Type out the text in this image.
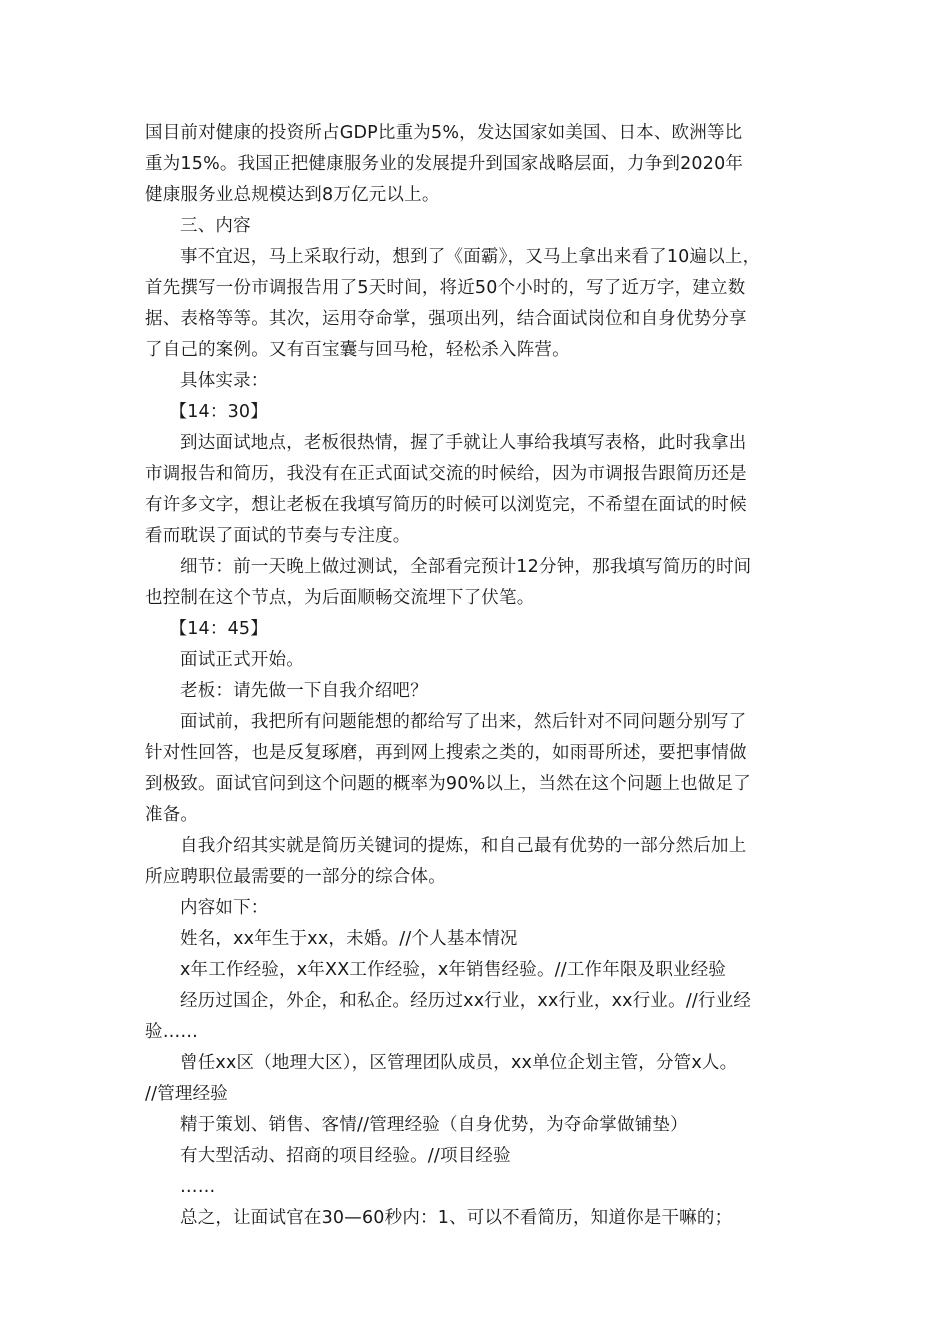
国目前对健康的投资所占GDP比重为5%，发达国家如美国、日本、欧洲等比
重为15%。我国正把健康服务业的发展提升到国家战略层面，力争到2020年
健康服务业总规模达到8万亿元以上。
三、内容
事不宜迟，马上采取行动，想到了《面霸》，又马上拿出来看了10遍以上，
首先撰写一份市调报告用了5天时间，将近50个小时的，写了近万字，建立数
据、表格等等。其次，运用夺命掌，强项出列，结合面试岗位和自身优势分享
了自己的案例。又有百宝囊与回马枪，轻松杀入阵营。
具体实录：
【14：30】
到达面试地点，老板很热情，握了手就让人事给我填写表格，此时我拿出
市调报告和简历，我没有在正式面试交流的时候给，因为市调报告跟简历还是
有许多文字，想让老板在我填写简历的时候可以浏览完，不希望在面试的时候
看而耽误了面试的节奏与专注度。
细节：前一天晚上做过测试，全部看完预计12分钟，那我填写简历的时间
也控制在这个节点，为后面顺畅交流埋下了伏笔。
【14：45】
面试正式开始。
老板：请先做一下自我介绍吧？
面试前，我把所有问题能想的都给写了出来，然后针对不同问题分别写了
针对性回答，也是反复琢磨，再到网上搜索之类的，如雨哥所述，要把事情做
到极致。面试官问到这个问题的概率为90%以上，当然在这个问题上也做足了
准备。
自我介绍其实就是简历关键词的提炼，和自己最有优势的一部分然后加上
所应聘职位最需要的一部分的综合体。
内容如下：
姓名，xx年生于xx，未婚。//个人基本情况
x年工作经验，x年XX工作经验，x年销售经验。//工作年限及职业经验
经历过国企，外企，和私企。经历过xx行业，xx行业，xx行业。//行业经
验……
曾任xx区（地理大区），区管理团队成员，xx单位企划主管，分管x人。
//管理经验
精于策划、销售、客情//管理经验（自身优势，为夺命掌做铺垫）
有大型活动、招商的项目经验。//项目经验
……
总之，让面试官在30—60秒内：1、可以不看简历，知道你是干嘛的；
